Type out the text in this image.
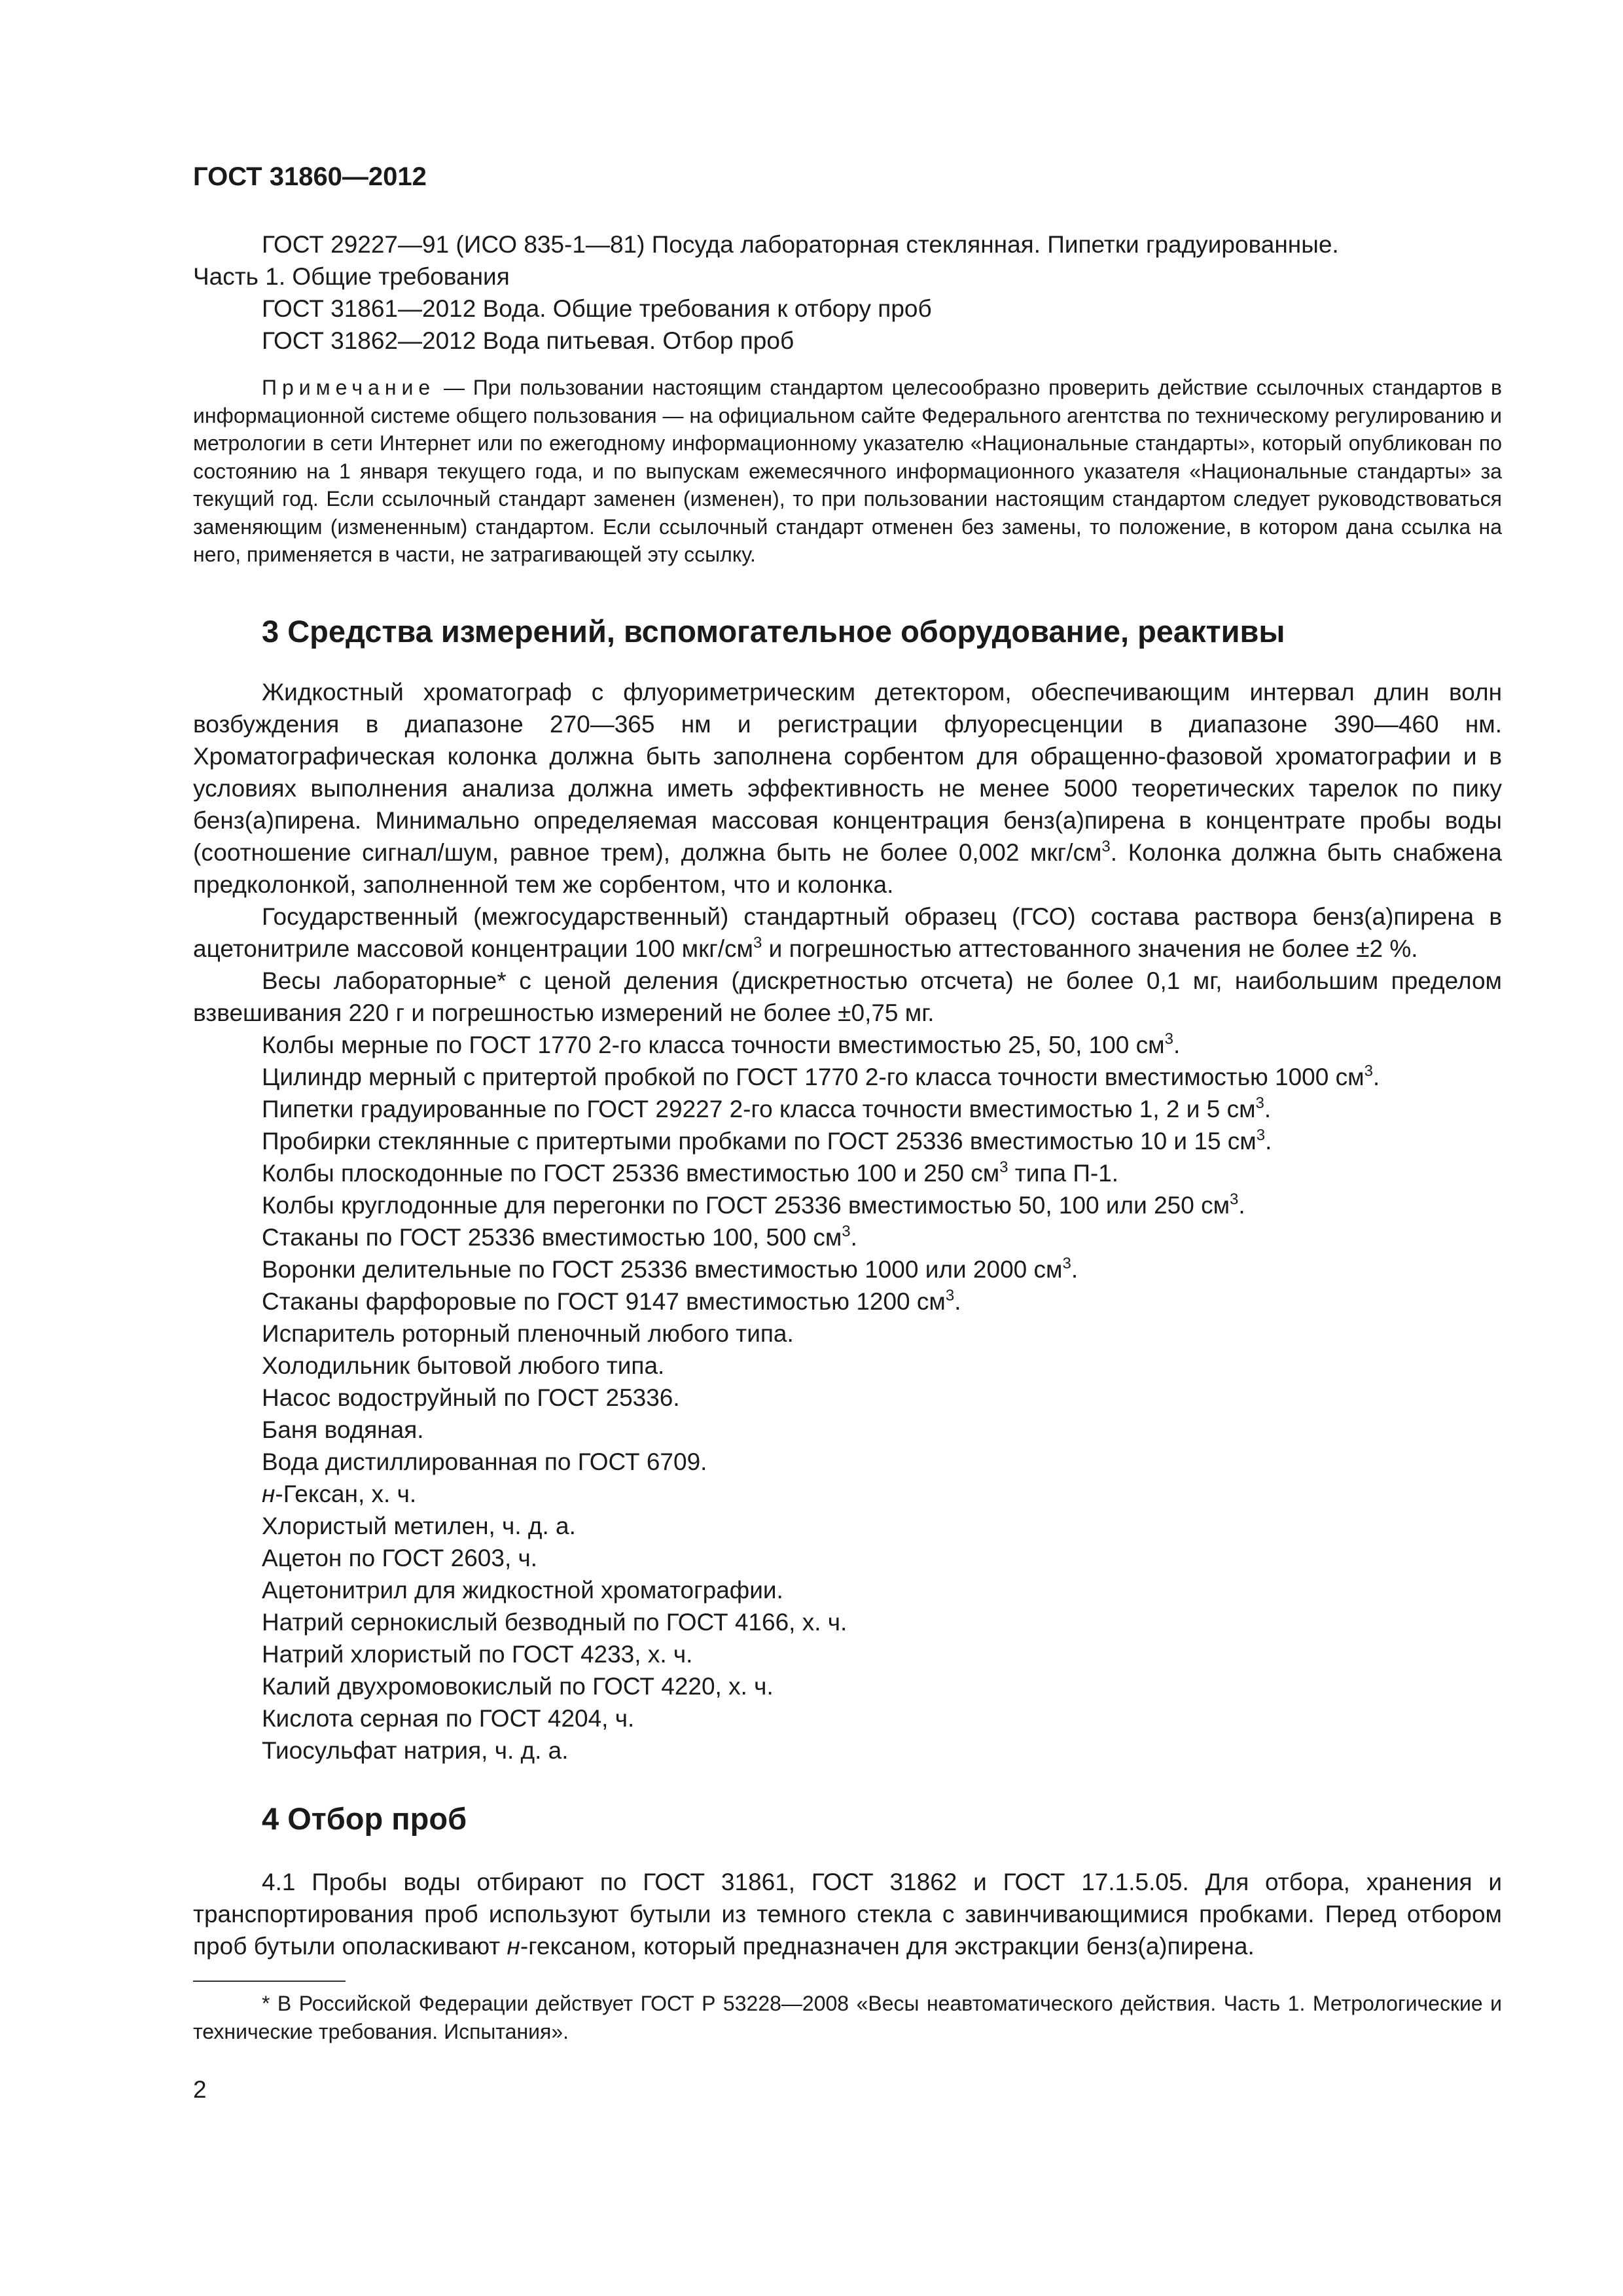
ГОСТ 31860—2012

ГОСТ 29227—91 (ИСО 835-1—81) Посуда лабораторная стеклянная. Пипетки градуированные.
Часть 1. Общие требования

ГОСТ 31861—2012 Вода. Общие требования к отбору проб

ГОСТ 31862—2012 Вода питьевая. Отбор проб

Примечание — При пользовании настоящим стандартом целесообразно проверить действие ссылочных стандартов в информационной системе общего пользования — на официальном сайте Федерального агентства по техническому регулированию и метрологии в сети Интернет или по ежегодному информационному указателю «Национальные стандарты», который опубликован по состоянию на 1 января текущего года, и по выпускам ежемесячного информационного указателя «Национальные стандарты» за текущий год. Если ссылочный стандарт заменен (изменен), то при пользовании настоящим стандартом следует руководствоваться заменяющим (измененным) стандартом. Если ссылочный стандарт отменен без замены, то положение, в котором дана ссылка на него, применяется в части, не затрагивающей эту ссылку.

3 Средства измерений, вспомогательное оборудование, реактивы

Жидкостный хроматограф с флуориметрическим детектором, обеспечивающим интервал длин волн возбуждения в диапазоне 270—365 нм и регистрации флуоресценции в диапазоне 390—460 нм. Хроматографическая колонка должна быть заполнена сорбентом для обращенно-фазовой хроматографии и в условиях выполнения анализа должна иметь эффективность не менее 5000 теоретических тарелок по пику бенз(а)пирена. Минимально определяемая массовая концентрация бенз(а)пирена в концентрате пробы воды (соотношение сигнал/шум, равное трем), должна быть не более 0,002 мкг/$см^3$. Колонка должна быть снабжена предколонкой, заполненной тем же сорбентом, что и колонка.

Государственный (межгосударственный) стандартный образец (ГСО) состава раствора бенз(а)пирена в ацетонитриле массовой концентрации 100 мкг/$см^3$ и погрешностью аттестованного значения не более ±2 %.

Весы лабораторные* с ценой деления (дискретностью отсчета) не более 0,1 мг, наибольшим пределом взвешивания 220 г и погрешностью измерений не более ±0,75 мг.

Колбы мерные по ГОСТ 1770 2-го класса точности вместимостью 25, 50, 100 $см^3$.
Цилиндр мерный с притертой пробкой по ГОСТ 1770 2-го класса точности вместимостью 1000 $см^3$.
Пипетки градуированные по ГОСТ 29227 2-го класса точности вместимостью 1, 2 и 5 $см^3$.
Пробирки стеклянные с притертыми пробками по ГОСТ 25336 вместимостью 10 и 15 $см^3$.
Колбы плоскодонные по ГОСТ 25336 вместимостью 100 и 250 $см^3$ типа П-1.
Колбы круглодонные для перегонки по ГОСТ 25336 вместимостью 50, 100 или 250 $см^3$.
Стаканы по ГОСТ 25336 вместимостью 100, 500 $см^3$.
Воронки делительные по ГОСТ 25336 вместимостью 1000 или 2000 $см^3$.
Стаканы фарфоровые по ГОСТ 9147 вместимостью 1200 $см^3$.
Испаритель роторный пленочный любого типа.
Холодильник бытовой любого типа.
Насос водоструйный по ГОСТ 25336.
Баня водяная.
Вода дистиллированная по ГОСТ 6709.
н-Гексан, х. ч.
Хлористый метилен, ч. д. а.
Ацетон по ГОСТ 2603, ч.
Ацетонитрил для жидкостной хроматографии.
Натрий сернокислый безводный по ГОСТ 4166, х. ч.
Натрий хлористый по ГОСТ 4233, х. ч.
Калий двухромовокислый по ГОСТ 4220, х. ч.
Кислота серная по ГОСТ 4204, ч.
Тиосульфат натрия, ч. д. а.
4 Отбор проб

4.1 Пробы воды отбирают по ГОСТ 31861, ГОСТ 31862 и ГОСТ 17.1.5.05. Для отбора, хранения и транспортирования проб используют бутыли из темного стекла с завинчивающимися пробками. Перед отбором проб бутыли ополаскивают н-гексаном, который предназначен для экстракции бенз(а)пирена.

* В Российской Федерации действует ГОСТ Р 53228—2008 «Весы неавтоматического действия. Часть 1. Метрологические и технические требования. Испытания».

2
